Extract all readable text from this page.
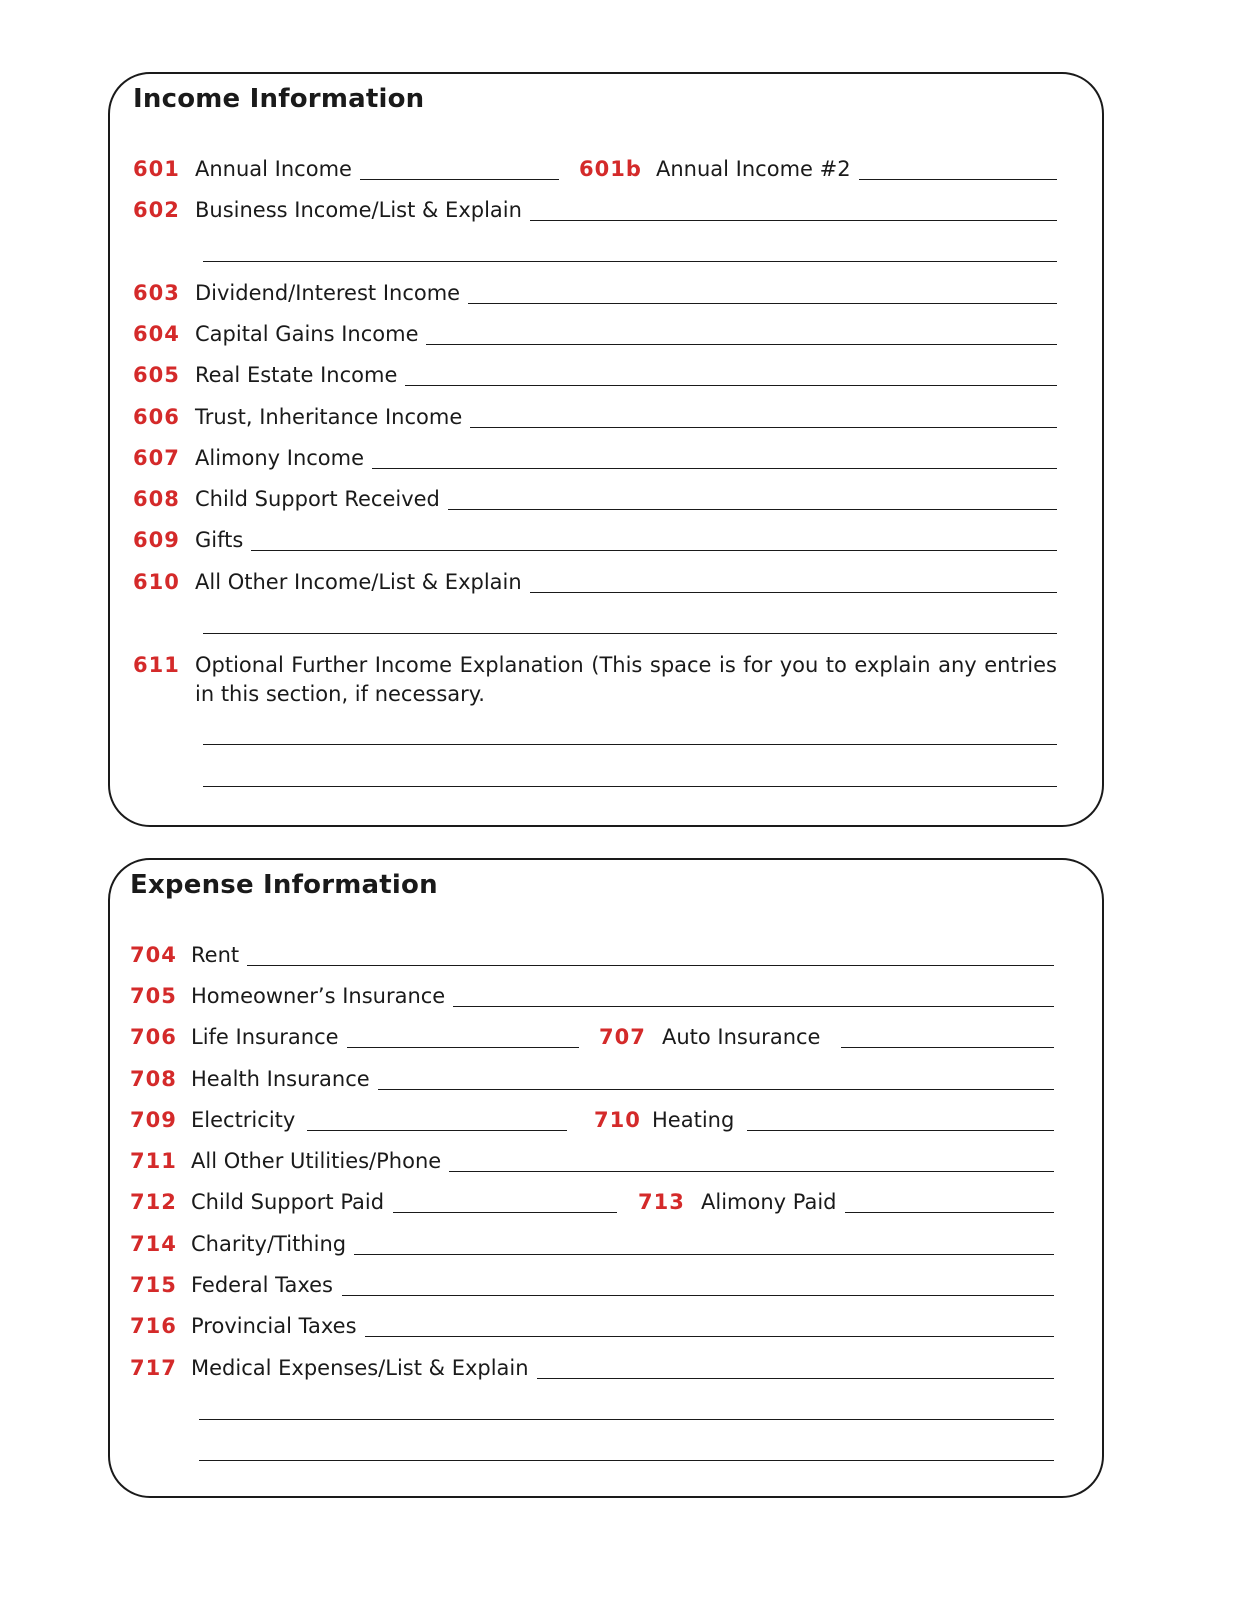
Income Information
601 Annual Income	601b Annual Income #2
602 Business Income/List & Explain
603 Dividend/Interest Income
604 Capital Gains Income
605 Real Estate Income
606 Trust, Inheritance Income
607 Alimony Income
608 Child Support Received
609 Gifts
610 All Other Income/List & Explain
611 Optional Further Income Explanation (This space is for you to explain any entries in this section, if necessary.
Expense Information
704 Rent
705 Homeowner’s Insurance
706 Life Insurance	707 Auto Insurance
708 Health Insurance
709 Electricity	710 Heating
711 All Other Utilities/Phone
712 Child Support Paid	713 Alimony Paid
714 Charity/Tithing
715 Federal Taxes
716 Provincial Taxes
717 Medical Expenses/List & Explain
